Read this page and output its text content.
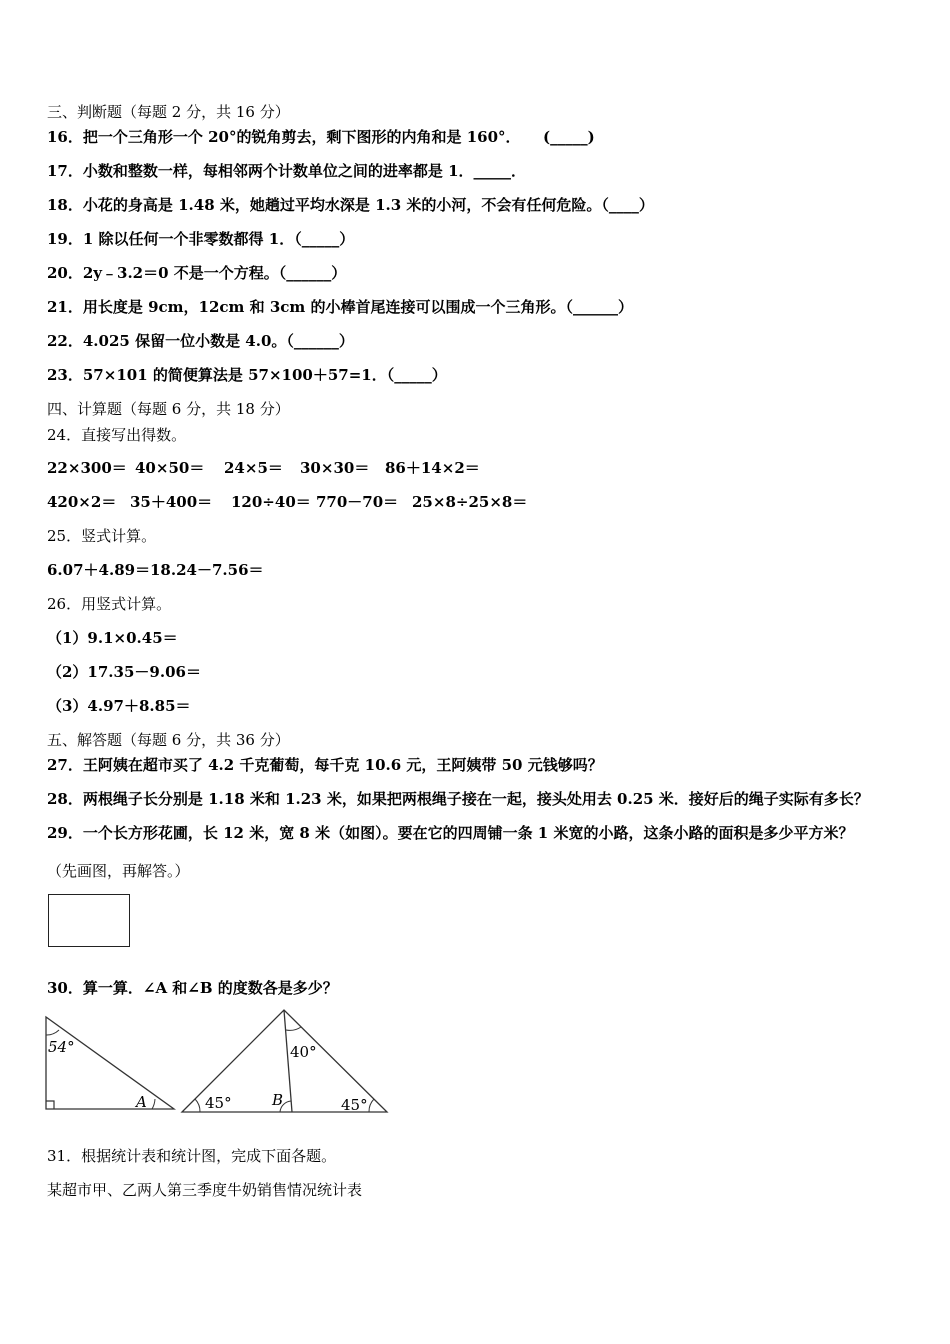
三、判断题（每题 2 分，共 16 分）
16．把一个三角形一个 20°的锐角剪去，剩下图形的内角和是 160°．　　(_____)
17．小数和整数一样，每相邻两个计数单位之间的进率都是 1．_____．
18．小花的身高是 1.48 米，她趟过平均水深是 1.3 米的小河，不会有任何危险。（____）
19．1 除以任何一个非零数都得 1．（_____）
20．2y﹣3.2＝0 不是一个方程。（______）
21．用长度是 9cm，12cm 和 3cm 的小棒首尾连接可以围成一个三角形。（______）
22．4.025 保留一位小数是 4.0。（______）
23．57×101 的简便算法是 57×100＋57=1．（_____）
四、计算题（每题 6 分，共 18 分）
24．直接写出得数。
22×300＝ 40×50＝ 24×5＝ 30×30＝ 86＋14×2＝
420×2＝ 35＋400＝ 120÷40＝ 770－70＝ 25×8÷25×8＝
25．竖式计算。
6.07＋4.89＝ 18.24－7.56＝
26．用竖式计算。
（1）9.1×0.45＝
（2）17.35－9.06＝
（3）4.97＋8.85＝
五、解答题（每题 6 分，共 36 分）
27．王阿姨在超市买了 4.2 千克葡萄，每千克 10.6 元，王阿姨带 50 元钱够吗？
28．两根绳子长分别是 1.18 米和 1.23 米，如果把两根绳子接在一起，接头处用去 0.25 米．接好后的绳子实际有多长？
29．一个长方形花圃，长 12 米，宽 8 米（如图）。要在它的四周铺一条 1 米宽的小路，这条小路的面积是多少平方米？
（先画图，再解答。）
30．算一算．∠A 和∠B 的度数各是多少？
54°
A
40°
B
45°	45°
31．根据统计表和统计图，完成下面各题。
某超市甲、乙两人第三季度牛奶销售情况统计表
